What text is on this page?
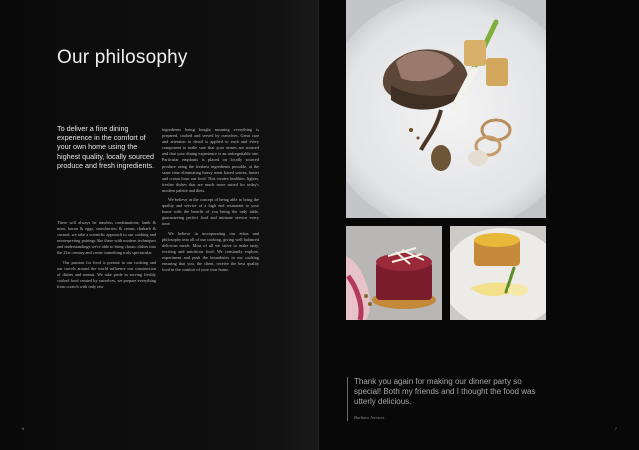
Our philosophy

To deliver a fine dining experience in the comfort of your own home using the highest quality, locally sourced produce and fresh ingredients.

There will always be timeless combinations; lamb & mint, bacon & eggs, strawberries & cream, rhubarb & custard, we take a scientific approach to our cooking and reinterpreting pairings like these with modern techniques and understandings we're able to bring classic dishes into the 21st century and create something truly spectacular.

Our passion for food is present in our cooking and our travels around the world influence our construction of dishes and menus. We take pride in serving freshly cooked food created by ourselves, we prepare everything from scratch with only raw

ingredients being bought meaning everything is prepared, cooked and served by ourselves. Great care and attention to detail is applied to each and every component to make sure that your senses are aroused and that your dining experience is an unforgettable one. Particular emphasis is placed on locally sourced produce using the freshest ingredients possible, at the same time eliminating heavy meat based sauces, butter and cream from our food. This creates healthier, lighter, fresher dishes that are much more suited for today's modern palette and diets.

We believe in the concept of being able to bring the quality and service of a high end restaurant to your home with the benefit of you being the only table, guaranteeing perfect food and intimate service every time.

We believe in incorporating our ethos and philosophy into all of our cooking, giving well balanced delicious meals. Most of all we strive to make tasty, exciting and nutritious food. We constantly explore, experiment and push the boundaries in our cooking ensuring that you, the client, receive the best quality food in the comfort of your own home.

6
Thank you again for making our dinner party so special! Both my friends and I thought the food was utterly delicious.
Barbara Iverson.
7
